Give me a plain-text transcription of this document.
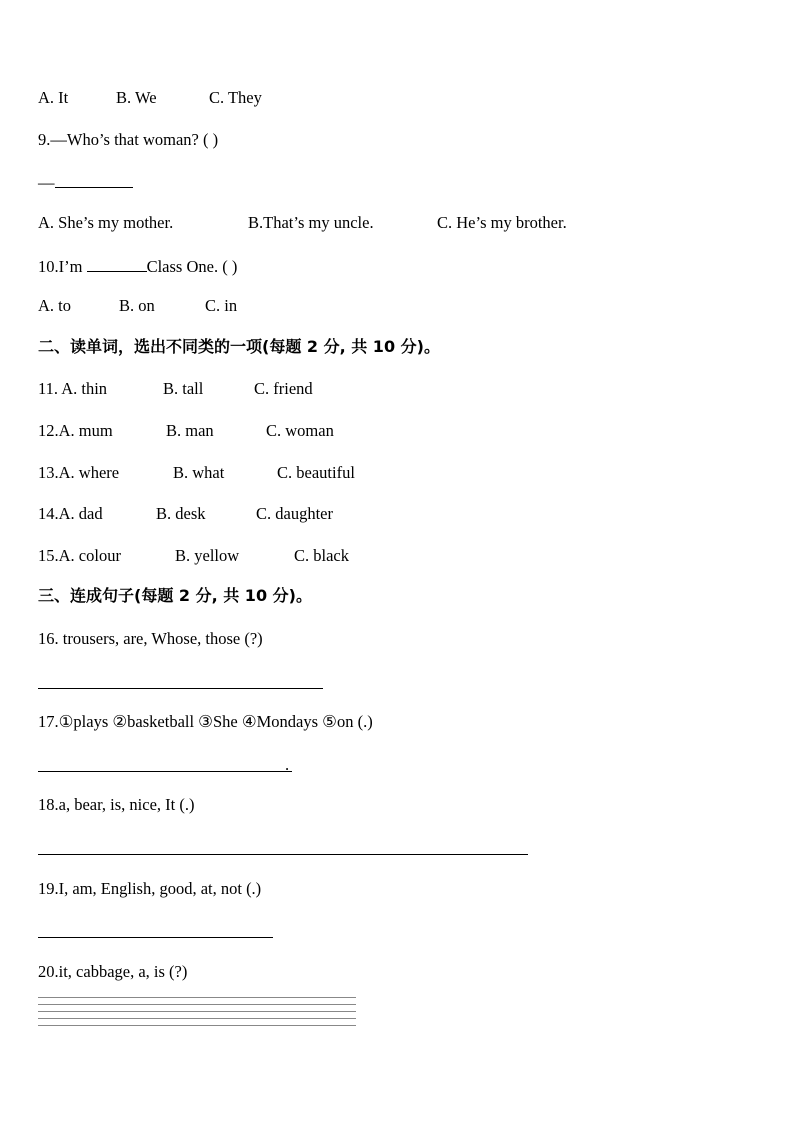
A. It	B. We	C. They
9.—Who’s that woman? ( )
—
A. She’s my mother.	B.That’s my uncle.	C. He’s my brother.
10.I’m	Class One. ( )
A. to	B. on	C. in
二、读单词，选出不同类的一项(每题 2 分, 共 10 分)。
11. A. thin	B. tall	C. friend
12.A. mum	B. man	C. woman
13.A. where	B. what	C. beautiful
14.A. dad	B. desk	C. daughter
15.A. colour	B. yellow	C. black
三、连成句子(每题 2 分, 共 10 分)。
16. trousers, are, Whose, those (?)
17.①plays ②basketball ③She ④Mondays ⑤on (.)
.
18.a, bear, is, nice, It (.)
19.I, am, English, good, at, not (.)
20.it, cabbage, a, is (?)
